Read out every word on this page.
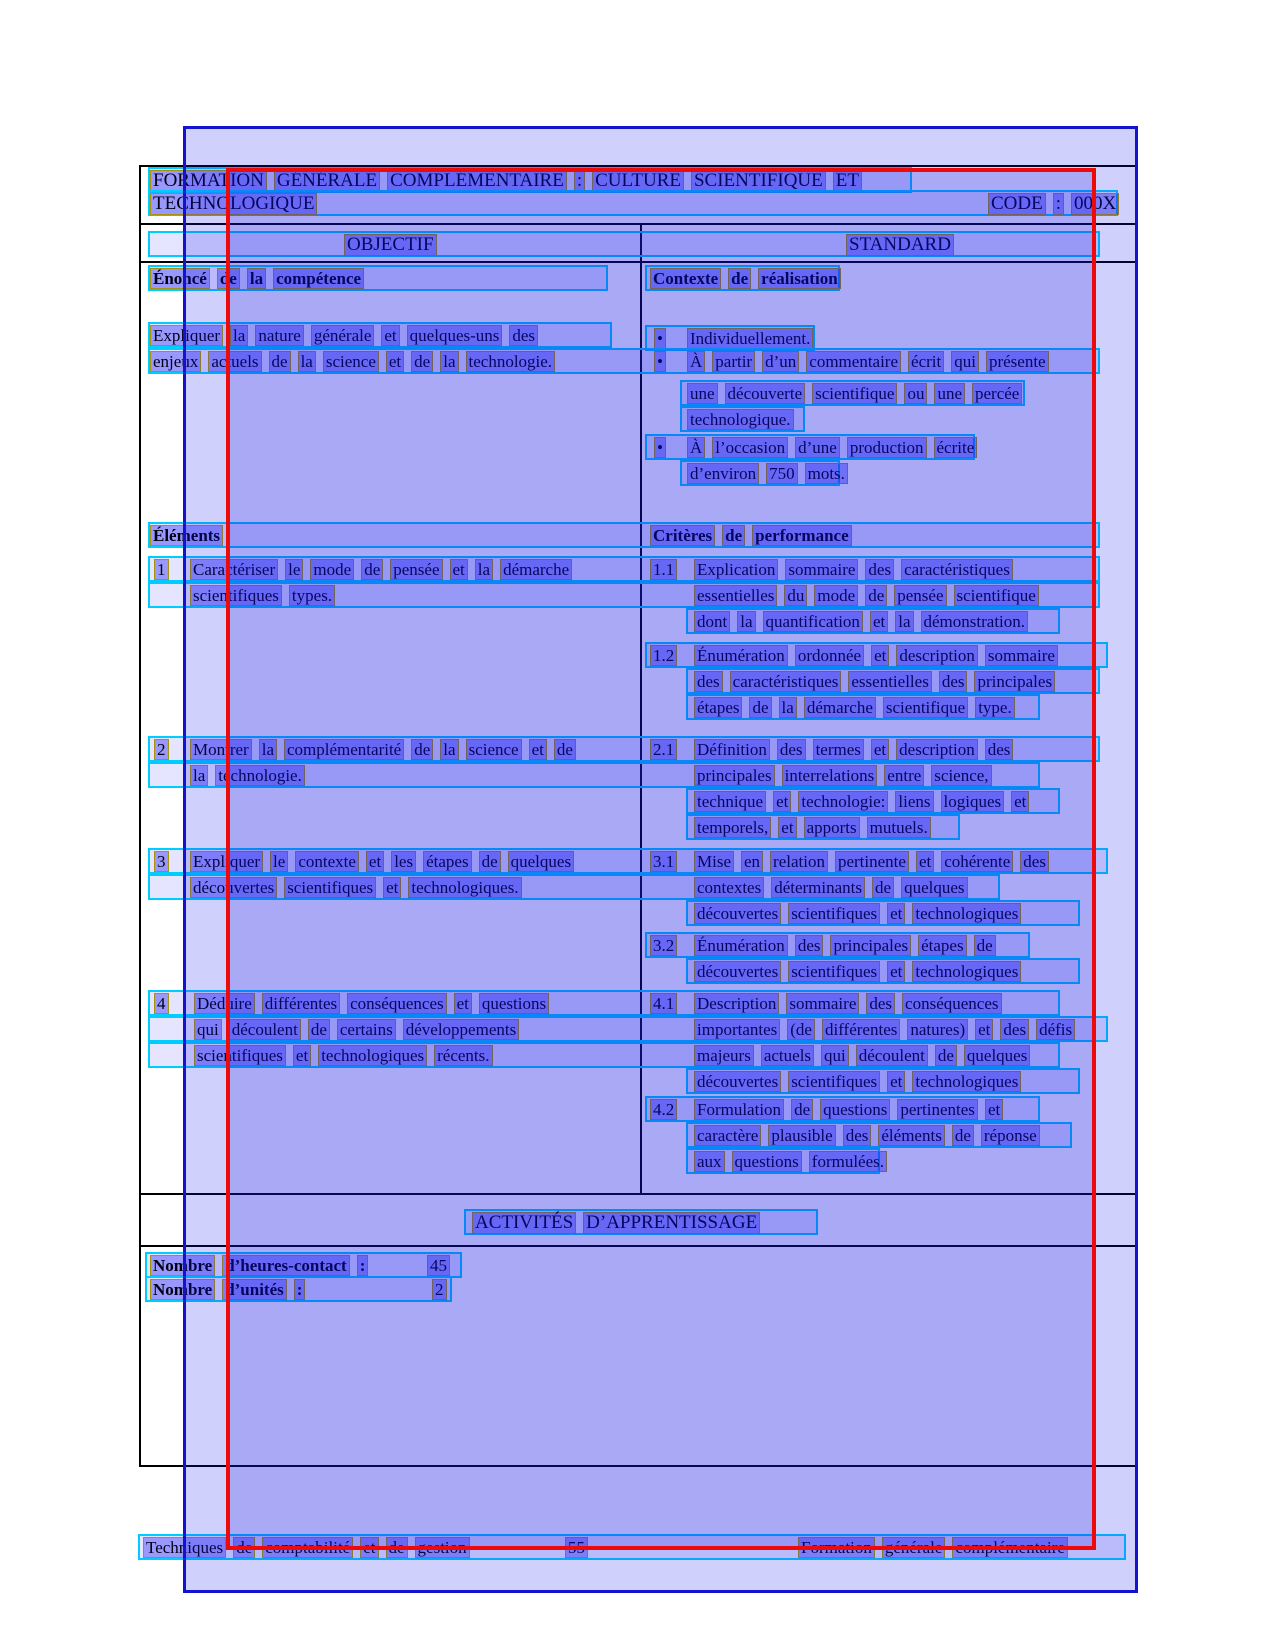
FORMATION GÉNÉRALE COMPLÉMENTAIRE : CULTURE SCIENTIFIQUE ET
TECHNOLOGIQUE	CODE : 000X
OBJECTIF	STANDARD
Énoncé de la compétence	Contexte de réalisation
Expliquer la nature générale et quelques-uns des	• Individuellement.
enjeux actuels de la science et de la technologie.	• À partir d’un commentaire écrit qui présente
une découverte scientifique ou une percée
technologique.
• À l’occasion d’une production écrite
d’environ 750 mots.
Éléments	Critères de performance
1 Caractériser le mode de pensée et la démarche	1.1 Explication sommaire des caractéristiques
scientifiques types.	essentielles du mode de pensée scientifique
dont la quantification et la démonstration.
1.2 Énumération ordonnée et description sommaire
des caractéristiques essentielles des principales
étapes de la démarche scientifique type.
2 Montrer la complémentarité de la science et de	2.1 Définition des termes et description des
la technologie.	principales interrelations entre science,
technique et technologie: liens logiques et
temporels, et apports mutuels.
3 Expliquer le contexte et les étapes de quelques	3.1 Mise en relation pertinente et cohérente des
découvertes scientifiques et technologiques.	contextes déterminants de quelques
découvertes scientifiques et technologiques
3.2 Énumération des principales étapes de
découvertes scientifiques et technologiques
4 Déduire différentes conséquences et questions	4.1 Description sommaire des conséquences
qui découlent de certains développements	importantes (de différentes natures) et des défis
scientifiques et technologiques récents.	majeurs actuels qui découlent de quelques
découvertes scientifiques et technologiques
4.2 Formulation de questions pertinentes et
caractère plausible des éléments de réponse
aux questions formulées.
ACTIVITÉS D’APPRENTISSAGE
Nombre d’heures-contact :	45
Nombre d’unités :	2
Techniques de comptabilité et de gestion	55	Formation générale complémentaire
